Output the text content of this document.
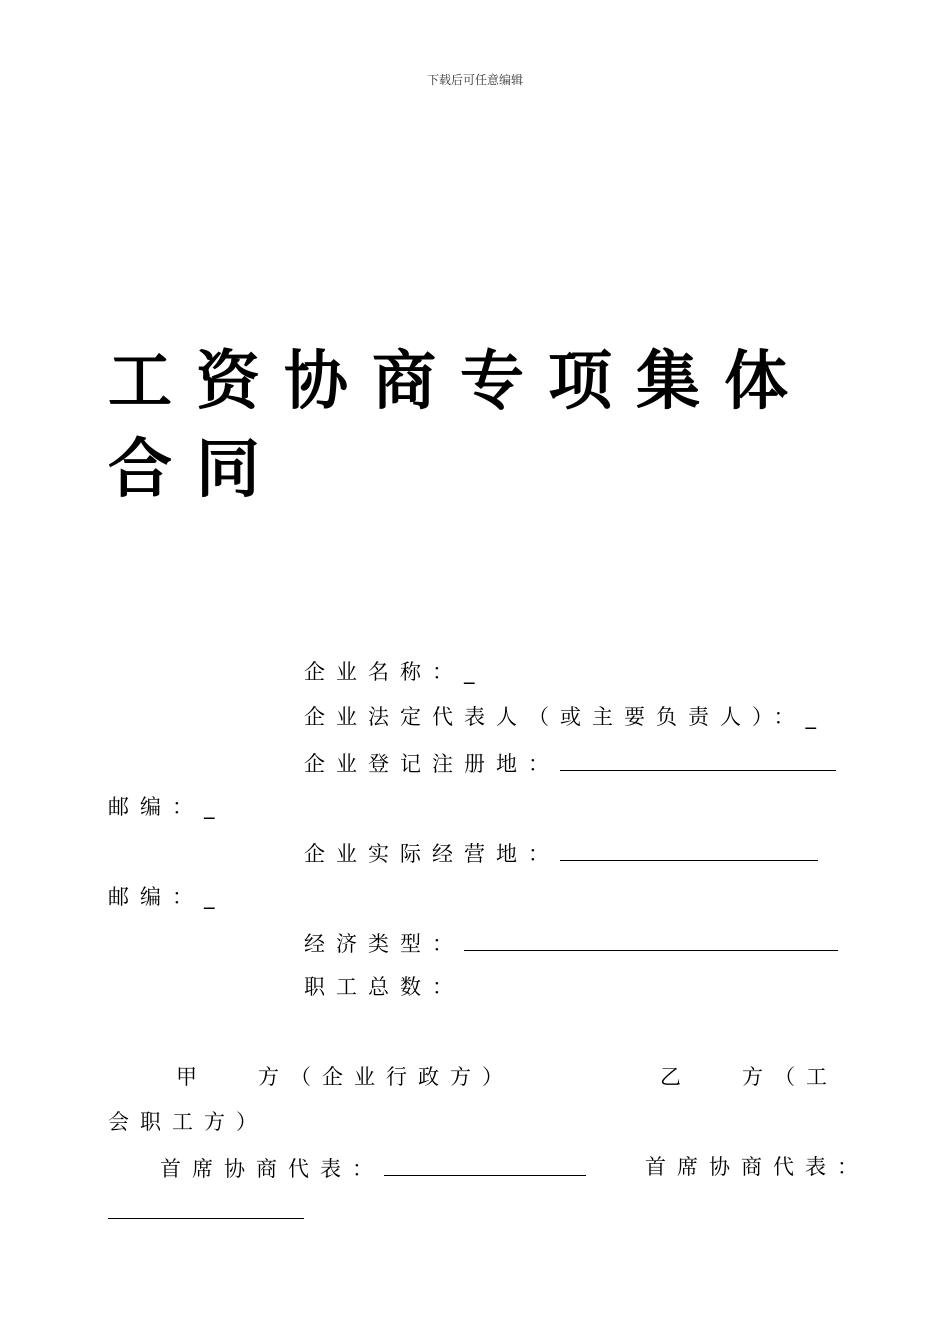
下载后可任意编辑
工资协商专项集体合同
企业名称：_
企业法定代表人（或主要负责人）：_
企业登记注册地：
邮编：_
企业实际经营地：
邮编：_
经济类型：
职工总数：
甲 方（企业行政方）	乙 方（工
会职工方）
首席协商代表：	首席协商代表：
